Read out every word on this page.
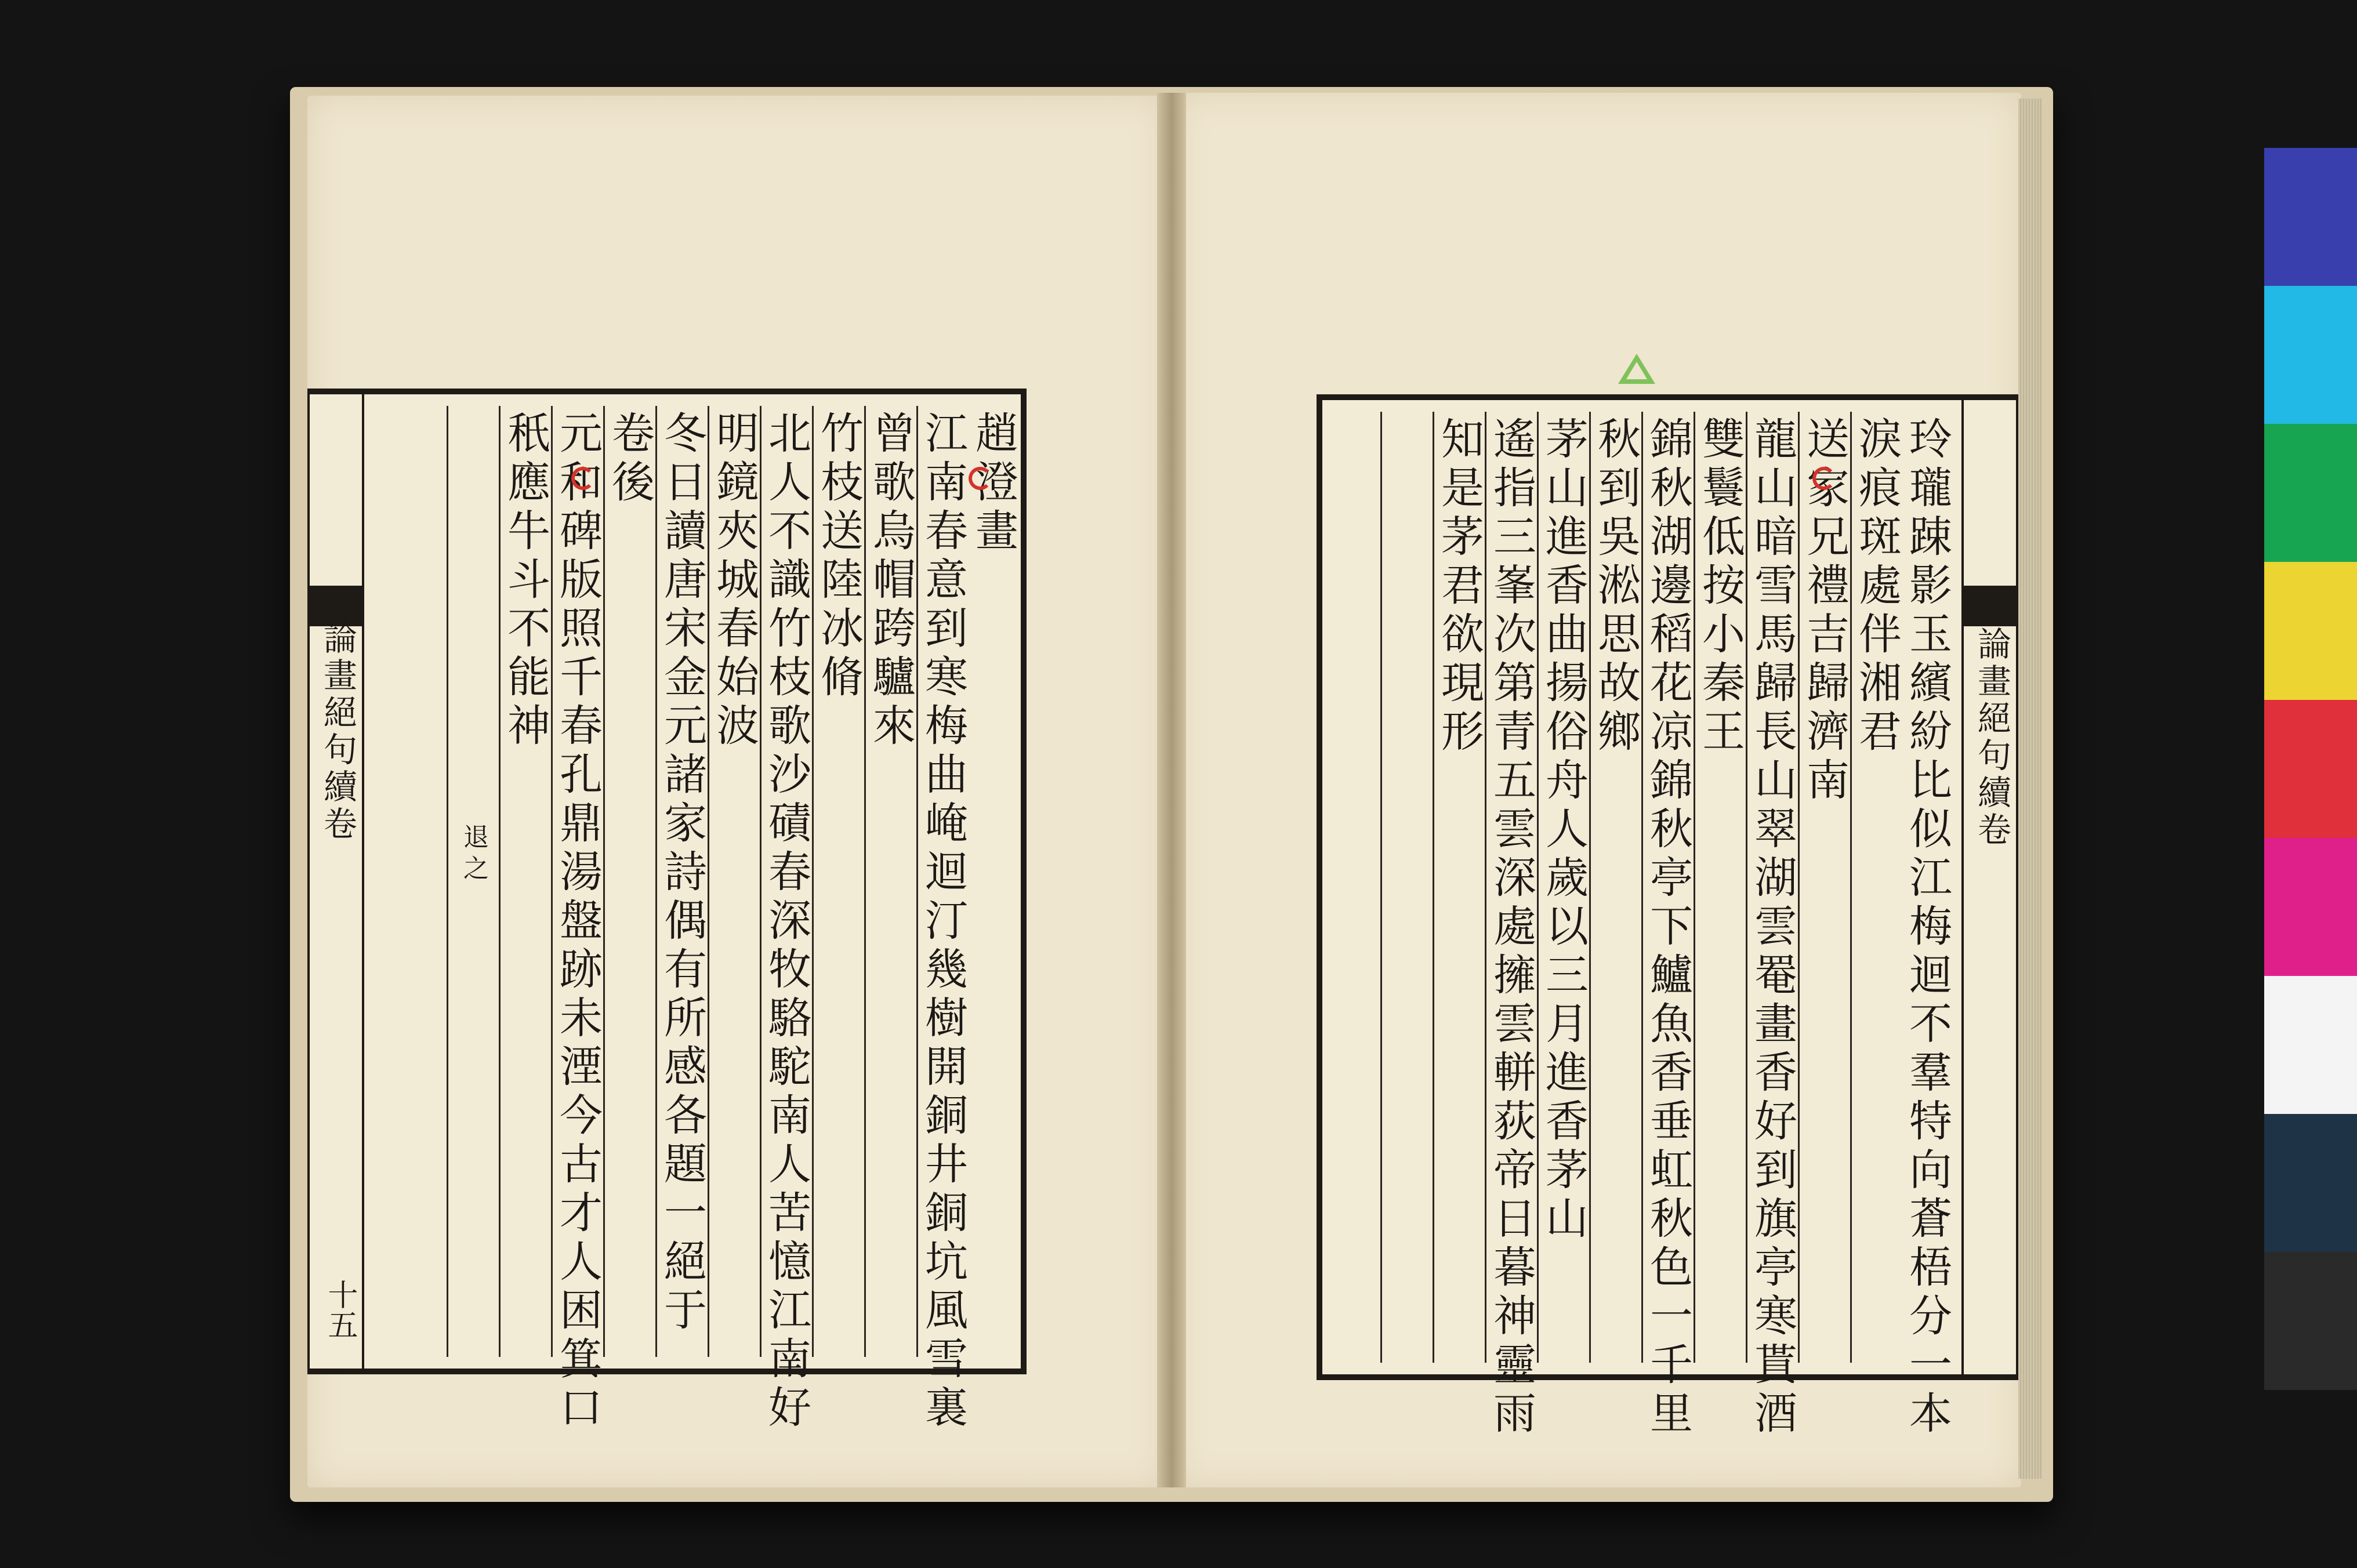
趙澄畫
江南春意到寒梅曲崦迴汀幾樹開銅井銅坑風雪裏
曾歌烏帽跨驢來
竹枝送陸冰脩
北人不識竹枝歌沙磧春深牧駱駝南人苦憶江南好
明鏡夾城春始波
冬日讀唐宋金元諸家詩偶有所感各題一絕于
卷後
元和碑版照千春孔鼎湯盤跡未湮今古才人困箕口
秖應牛斗不能神
退之
論畫絕句續卷
十五	玲瓏踈影玉繽紛比似江梅迴不羣特向蒼梧分一本
淚痕斑處伴湘君
送家兄禮吉歸濟南
龍山暗雪馬歸長山翠湖雲罨畫香好到旗亭寒貰酒
雙鬟低按小秦王
錦秋湖邊稻花凉錦秋亭下鱸魚香垂虹秋色一千里
秋到吳淞思故鄉
茅山進香曲揚俗舟人歲以三月進香茅山
遙指三峯次第青五雲深處擁雲軿荻帝日暮神靈雨
知是茅君欲現形	論畫絕句續卷
